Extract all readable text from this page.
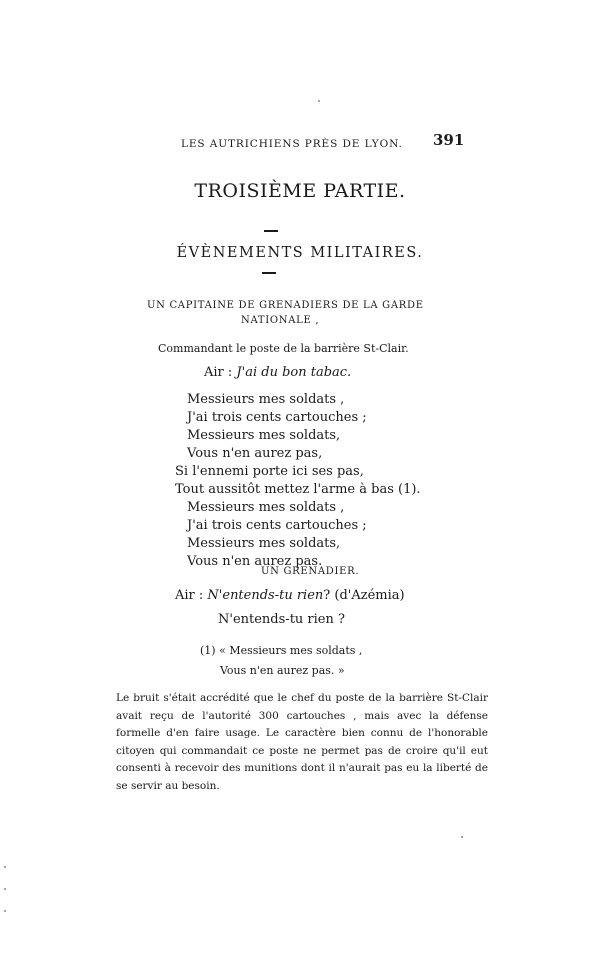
LES AUTRICHIENS PRÈS DE LYON. 391
TROISIÈME PARTIE.
ÉVÈNEMENTS MILITAIRES.
UN CAPITAINE DE GRENADIERS DE LA GARDE
NATIONALE ,
Commandant le poste de la barrière St-Clair.
Air : J'ai du bon tabac.
Messieurs mes soldats ,
J'ai trois cents cartouches ;
Messieurs mes soldats,
Vous n'en aurez pas,
Si l'ennemi porte ici ses pas,
Tout aussitôt mettez l'arme à bas (1).
Messieurs mes soldats ,
J'ai trois cents cartouches ;
Messieurs mes soldats,
Vous n'en aurez pas.
UN GRENADIER.
Air : N'entends-tu rien? (d'Azémia)
N'entends-tu rien ?
(1) « Messieurs mes soldats ,
Vous n'en aurez pas. »
Le bruit s'était accrédité que le chef du poste de la barrière St-Clair avait reçu de l'autorité 300 cartouches , mais avec la défense formelle d'en faire usage. Le caractère bien connu de l'honorable citoyen qui commandait ce poste ne permet pas de croire qu'il eut consenti à recevoir des munitions dont il n'aurait pas eu la liberté de se servir au besoin.
